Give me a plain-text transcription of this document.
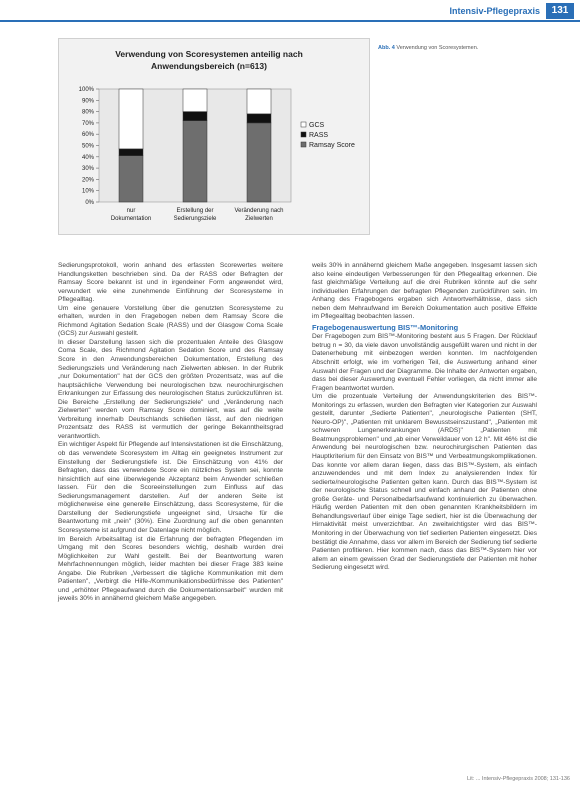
Intensiv-Pflegepraxis	131
Verwendung von Scoresystemen anteilig nach
Anwendungsbereich (n=613)
0%
10%
20%
30%
40%
50%
60%
70%
80%
90%
100%
nur
Dokumentation
Erstellung der
Sedierungsziele
Veränderung nach
Zielwerten
GCS
RASS
Ramsay Score
Abb. 4 Verwendung von Scoresystemen.

Sedierungsprotokoll, worin anhand des erfassten Scorewertes weitere Handlungsketten beschrieben sind. Da der RASS oder Befragten der Ramsay Score bekannt ist und in irgendeiner Form angewendet wird, verwundert wie eine zunehmende Einführung der Scoresysteme in Pflegealltag.

Um eine genauere Vorstellung über die genutzten Scoresysteme zu erhalten, wurden in den Fragebogen neben dem Ramsay Score die Richmond Agitation Sedation Scale (RASS) und der Glasgow Coma Scale (GCS) zur Auswahl gestellt.

In dieser Darstellung lassen sich die prozentualen Anteile des Glasgow Coma Scale, des Richmond Agitation Sedation Score und des Ramsay Score in den Anwendungsbereichen Dokumentation, Erstellung des Sedierungsziels und Veränderung nach Zielwerten ablesen. In der Rubrik „nur Dokumentation" hat der GCS den größten Prozentsatz, was auf die hauptsächliche Verwendung bei neurologischen bzw. neurochirurgischen Erkrankungen zur Erfassung des neurologischen Status zurückzuführen ist. Die Bereiche „Erstellung der Sedierungsziele" und „Veränderung nach Zielwerten" werden vom Ramsay Score dominiert, was auf die weite Verbreitung innerhalb Deutschlands schließen lässt, auf den niedrigen Prozentsatz des RASS ist vermutlich der geringe Bekanntheitsgrad verantwortlich.

Ein wichtiger Aspekt für Pflegende auf Intensivstationen ist die Einschätzung, ob das verwendete Scoresystem im Alltag ein geeignetes Instrument zur Einstellung der Sedierungstiefe ist. Die Einschätzung von 41% der Befragten, dass das verwendete Score ein nützliches System sei, konnte hinsichtlich auf eine überwiegende Akzeptanz beim Anwender schließen lassen. Für den die Scoreeinstellungen zum Einfluss auf das Sedierungsmanagement darstellen. Auf der anderen Seite ist möglicherweise eine generelle Einschätzung, dass Scoresysteme, für die Darstellung der Sedierungstiefe ungeeignet sind, Ursache für die Beantwortung mit „nein" (30%). Eine Zuordnung auf die oben genannten Scoresysteme ist aufgrund der Datenlage nicht möglich.

Im Bereich Arbeitsalltag ist die Erfahrung der befragten Pflegenden im Umgang mit den Scores besonders wichtig, deshalb wurden drei Möglichkeiten zur Wahl gestellt. Bei der Beantwortung waren Mehrfachnennungen möglich, leider machten bei dieser Frage 383 keine Angabe. Die Rubriken „Verbessert die tägliche Kommunikation mit dem Patienten", „Verbirgt die Hilfe-/Kommunikationsbedürfnisse des Patienten" und „erhöhter Pflegeaufwand durch die Dokumentationsarbeit" wurden mit jeweils 30% in annähernd gleichem Maße angegeben.

weils 30% in annähernd gleichem Maße angegeben. Insgesamt lassen sich also keine eindeutigen Verbesserungen für den Pflegealltag erkennen. Die fast gleichmäßige Verteilung auf die drei Rubriken könnte auf die sehr individuellen Erfahrungen der befragten Pflegenden zurückführen sein. Im Anhang des Fragebogens ergaben sich Antwortverhältnisse, dass sich neben dem Mehraufwand im Bereich Dokumentation auch positive Effekte im Pflegealltag beobachten lassen.

Fragebogenauswertung BIS™-Monitoring

Der Fragebogen zum BIS™-Monitoring besteht aus 5 Fragen. Der Rücklauf betrug n = 30, da viele davon unvollständig ausgefüllt waren und nicht in der Datenerhebung mit einbezogen werden konnten. Im nachfolgenden Abschnitt erfolgt, wie im vorherigen Teil, die Auswertung anhand einer Auswahl der Fragen und der Diagramme. Die Inhalte der Antworten ergaben, dass bei dieser Auswertung eventuell Fehler vorliegen, da nicht immer alle Fragen beantwortet wurden.

Um die prozentuale Verteilung der Anwendungskriterien des BIS™-Monitorings zu erfassen, wurden den Befragten vier Kategorien zur Auswahl gestellt, darunter „Sedierte Patienten", „neurologische Patienten (SHT, Neuro-OP)", „Patienten mit unklarem Bewusstseinszustand", „Patienten mit schweren Lungenerkrankungen (ARDS)" „Patienten mit Beatmungsproblemen" und „ab einer Verweildauer von 12 h". Mit 46% ist die Anwendung bei neurologischen bzw. neurochirurgischen Patienten das Hauptkriterium für den Einsatz von BIS™ und Verbeatmungskomplikationen. Das konnte vor allem daran liegen, dass das BIS™-System, als einfach anzuwendendes und mit dem Index zu analysierenden Index für sedierte/neurologische Patienten gelten kann. Durch das BIS™-System ist der neurologische Status schnell und einfach anhand der Patienten ohne große Geräte- und Personalbedarfsaufwand kontinuierlich zu überwachen. Häufig werden Patienten mit den oben genannten Krankheitsbildern im Behandlungsverlauf über einige Tage sediert, hier ist die Überwachung der Hirnaktivität meist unverzichtbar. An zweitwichtigster wird das BIS™-Monitoring in der Überwachung von tief sedierten Patienten eingesetzt. Dies bestätigt die Annahme, dass vor allem im Bereich der Sedierung tief sedierte Patienten profitieren. Hier kommen nach, dass das BIS™-System hier vor allem an einem gewissen Grad der Sedierungstiefe der Patienten mit hoher Sedierung eingesetzt wird.

Lit: ... Intensiv-Pflegepraxis 2008; 131-136
